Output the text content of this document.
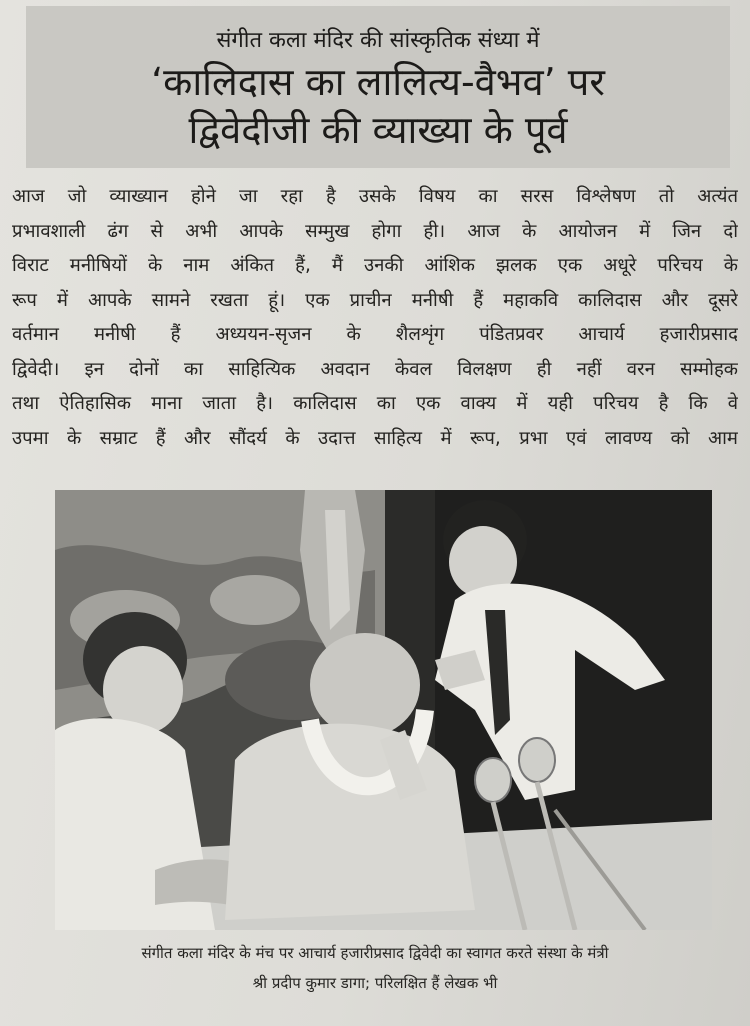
संगीत कला मंदिर की सांस्कृतिक संध्या में
‘कालिदास का लालित्य-वैभव’ पर
द्विवेदीजी की व्याख्या के पूर्व
आज जो व्याख्यान होने जा रहा है उसके विषय का सरस विश्लेषण तो अत्यंत
प्रभावशाली ढंग से अभी आपके सम्मुख होगा ही। आज के आयोजन में जिन दो
विराट मनीषियों के नाम अंकित हैं, मैं उनकी आंशिक झलक एक अधूरे परिचय के
रूप में आपके सामने रखता हूं। एक प्राचीन मनीषी हैं महाकवि कालिदास और दूसरे
वर्तमान मनीषी हैं अध्ययन-सृजन के शैलशृंग पंडितप्रवर आचार्य हजारीप्रसाद
द्विवेदी। इन दोनों का साहित्यिक अवदान केवल विलक्षण ही नहीं वरन सम्मोहक
तथा ऐतिहासिक माना जाता है। कालिदास का एक वाक्य में यही परिचय है कि वे
उपमा के सम्राट हैं और सौंदर्य के उदात्त साहित्य में रूप, प्रभा एवं लावण्य को आम
संगीत कला मंदिर के मंच पर आचार्य हजारीप्रसाद द्विवेदी का स्वागत करते संस्था के मंत्री
श्री प्रदीप कुमार डागा; परिलक्षित हैं लेखक भी
